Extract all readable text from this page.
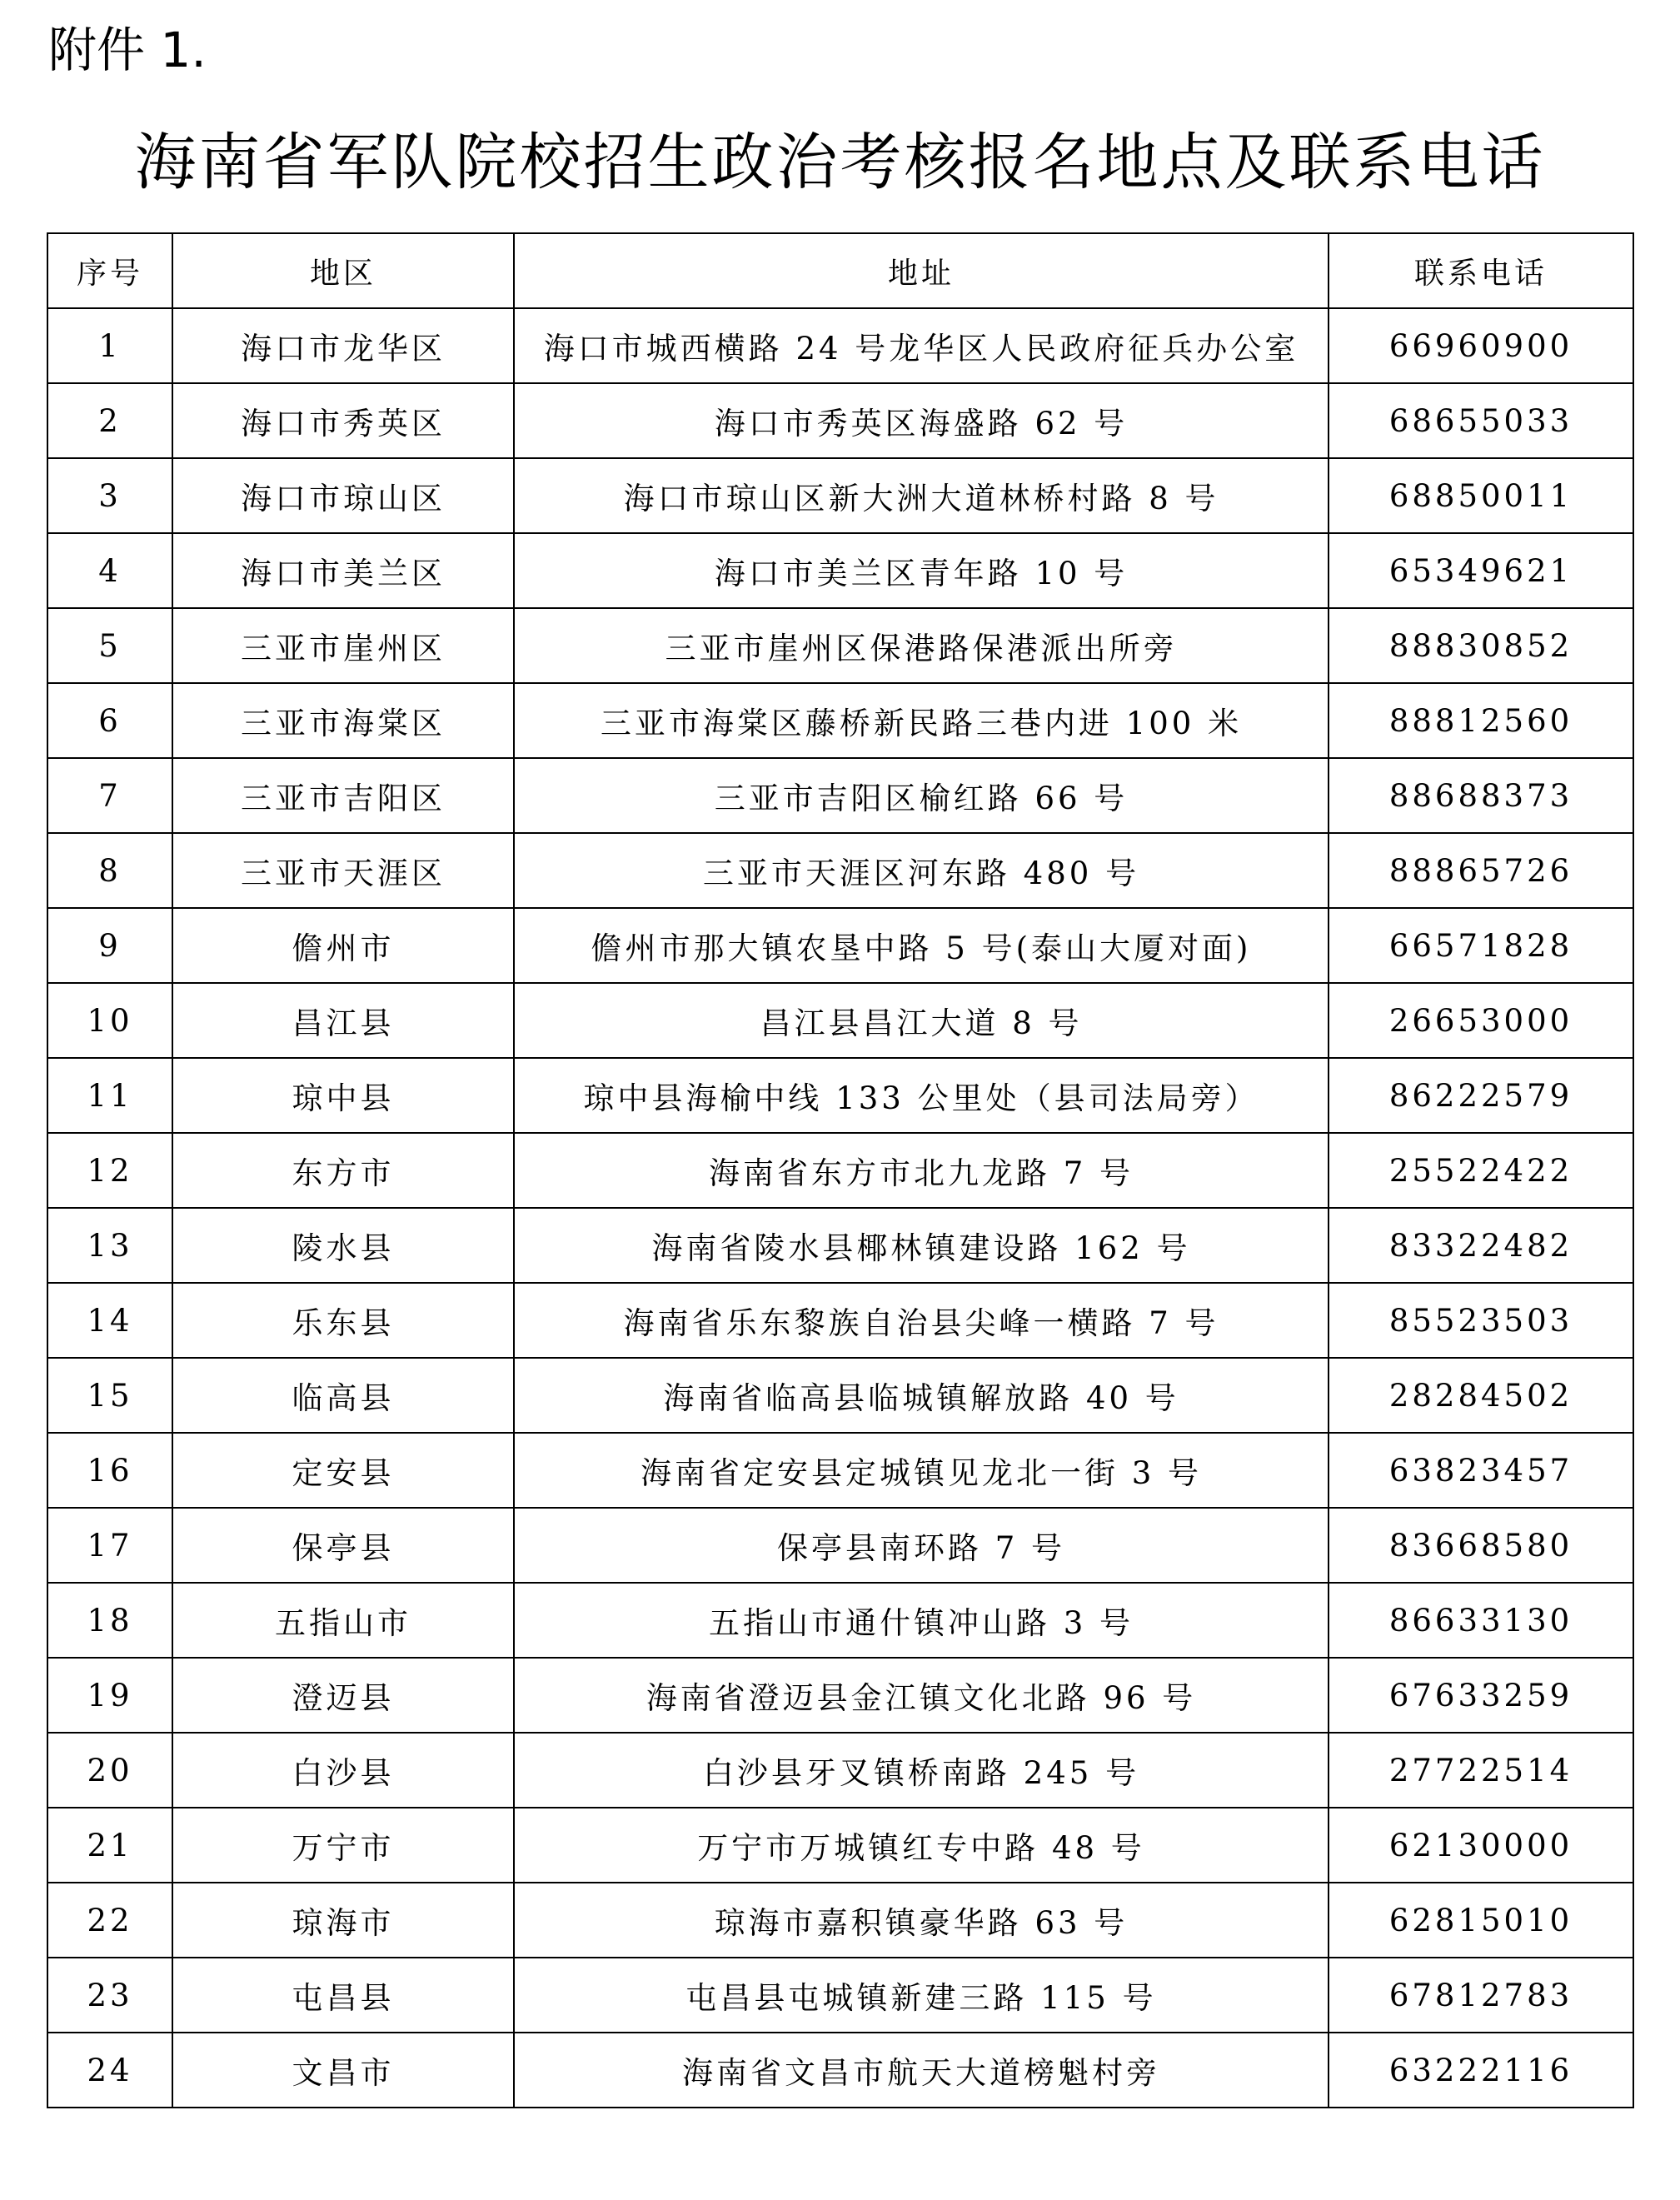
附件 1.
海南省军队院校招生政治考核报名地点及联系电话
序号	地区	地址	联系电话
1	海口市龙华区	海口市城西横路 24 号龙华区人民政府征兵办公室	66960900
2	海口市秀英区	海口市秀英区海盛路 62 号	68655033
3	海口市琼山区	海口市琼山区新大洲大道林桥村路 8 号	68850011
4	海口市美兰区	海口市美兰区青年路 10 号	65349621
5	三亚市崖州区	三亚市崖州区保港路保港派出所旁	88830852
6	三亚市海棠区	三亚市海棠区藤桥新民路三巷内进 100 米	88812560
7	三亚市吉阳区	三亚市吉阳区榆红路 66 号	88688373
8	三亚市天涯区	三亚市天涯区河东路 480 号	88865726
9	儋州市	儋州市那大镇农垦中路 5 号(泰山大厦对面)	66571828
10	昌江县	昌江县昌江大道 8 号	26653000
11	琼中县	琼中县海榆中线 133 公里处（县司法局旁）	86222579
12	东方市	海南省东方市北九龙路 7 号	25522422
13	陵水县	海南省陵水县椰林镇建设路 162 号	83322482
14	乐东县	海南省乐东黎族自治县尖峰一横路 7 号	85523503
15	临高县	海南省临高县临城镇解放路 40 号	28284502
16	定安县	海南省定安县定城镇见龙北一街 3 号	63823457
17	保亭县	保亭县南环路 7 号	83668580
18	五指山市	五指山市通什镇冲山路 3 号	86633130
19	澄迈县	海南省澄迈县金江镇文化北路 96 号	67633259
20	白沙县	白沙县牙叉镇桥南路 245 号	27722514
21	万宁市	万宁市万城镇红专中路 48 号	62130000
22	琼海市	琼海市嘉积镇豪华路 63 号	62815010
23	屯昌县	屯昌县屯城镇新建三路 115 号	67812783
24	文昌市	海南省文昌市航天大道榜魁村旁	63222116
